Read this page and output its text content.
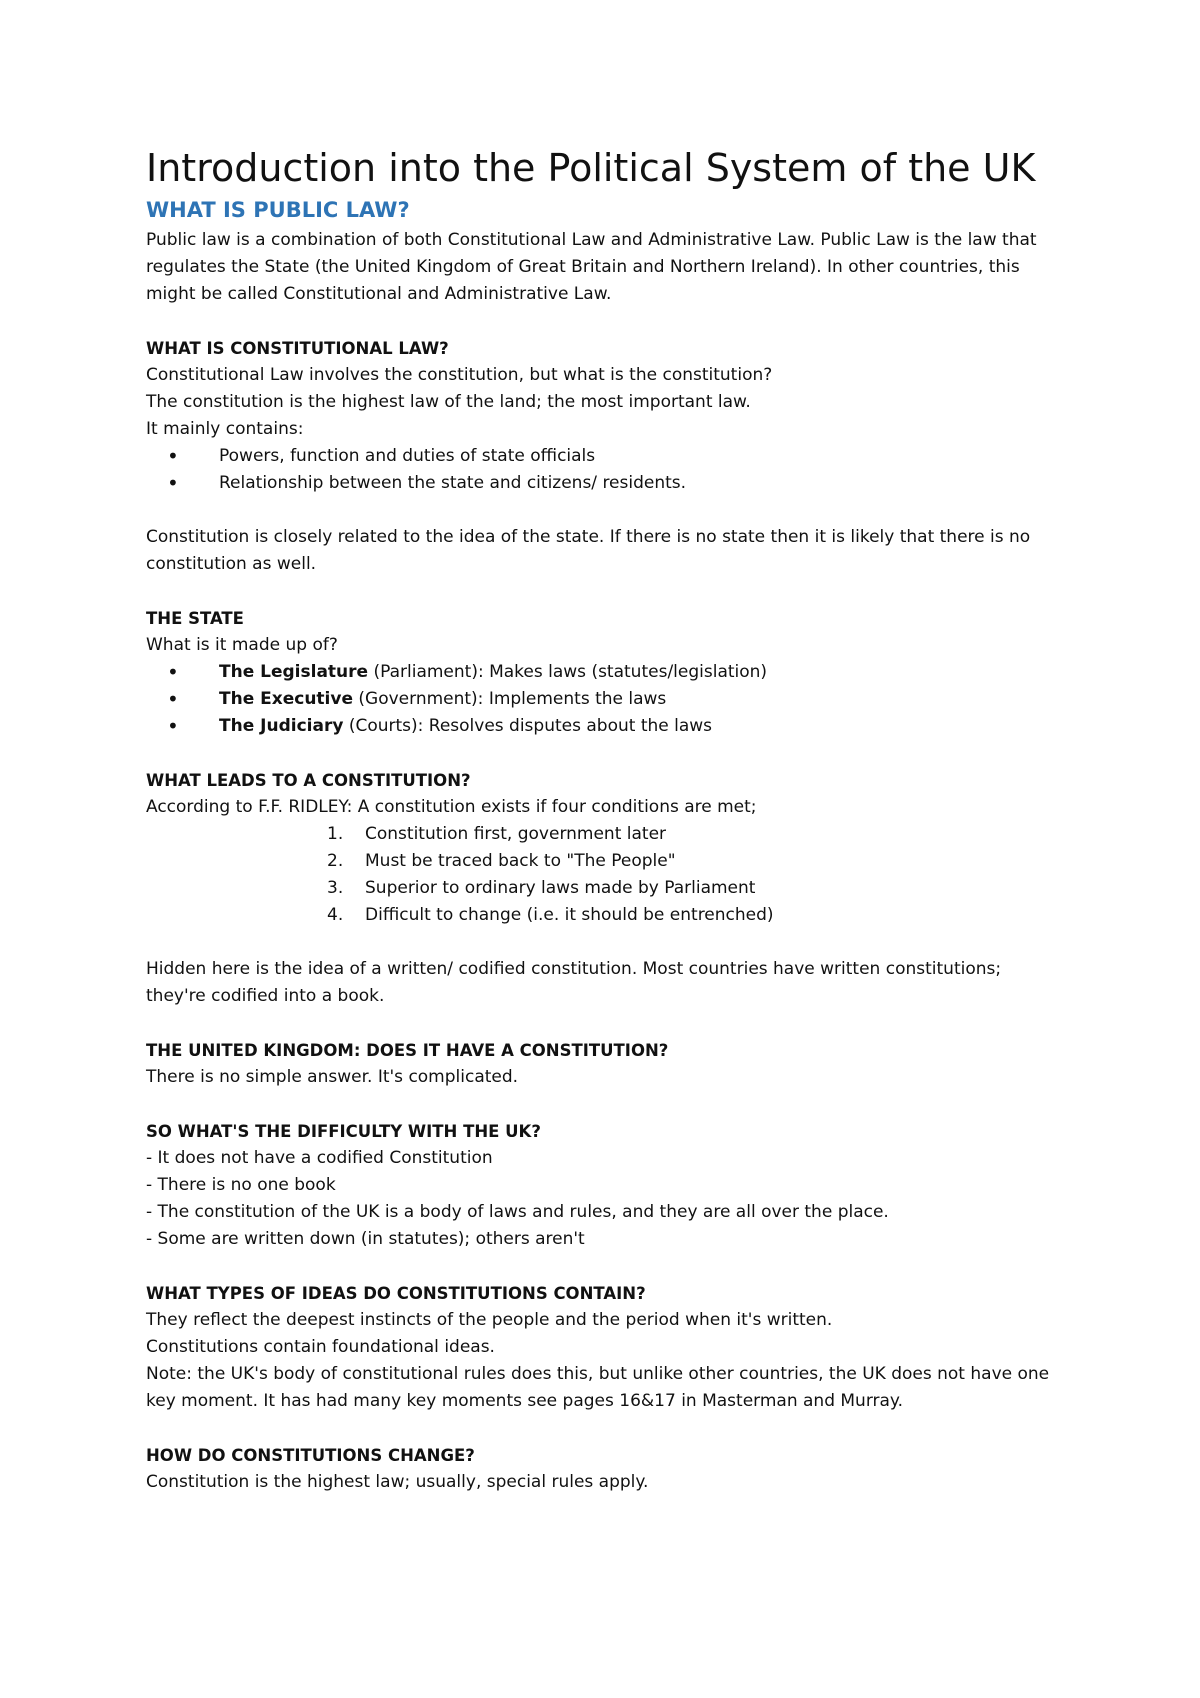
Introduction into the Political System of the UK
WHAT IS PUBLIC LAW?

Public law is a combination of both Constitutional Law and Administrative Law. Public Law is the law that regulates the State (the United Kingdom of Great Britain and Northern Ireland). In other countries, this might be called Constitutional and Administrative Law.

WHAT IS CONSTITUTIONAL LAW?

Constitutional Law involves the constitution, but what is the constitution?

The constitution is the highest law of the land; the most important law.

It mainly contains:

• Powers, function and duties of state officials
• Relationship between the state and citizens/ residents.

Constitution is closely related to the idea of the state. If there is no state then it is likely that there is no constitution as well.

THE STATE

What is it made up of?

• The Legislature (Parliament): Makes laws (statutes/legislation)
• The Executive (Government): Implements the laws
• The Judiciary (Courts): Resolves disputes about the laws

WHAT LEADS TO A CONSTITUTION?

According to F.F. RIDLEY: A constitution exists if four conditions are met;

1. Constitution first, government later
2. Must be traced back to "The People"
3. Superior to ordinary laws made by Parliament
4. Difficult to change (i.e. it should be entrenched)

Hidden here is the idea of a written/ codified constitution. Most countries have written constitutions; they're codified into a book.

THE UNITED KINGDOM: DOES IT HAVE A CONSTITUTION?

There is no simple answer. It's complicated.

SO WHAT'S THE DIFFICULTY WITH THE UK?

- It does not have a codified Constitution

- There is no one book

- The constitution of the UK is a body of laws and rules, and they are all over the place.

- Some are written down (in statutes); others aren't

WHAT TYPES OF IDEAS DO CONSTITUTIONS CONTAIN?

They reflect the deepest instincts of the people and the period when it's written.

Constitutions contain foundational ideas.

Note: the UK's body of constitutional rules does this, but unlike other countries, the UK does not have one key moment. It has had many key moments see pages 16&17 in Masterman and Murray.

HOW DO CONSTITUTIONS CHANGE?

Constitution is the highest law; usually, special rules apply.
